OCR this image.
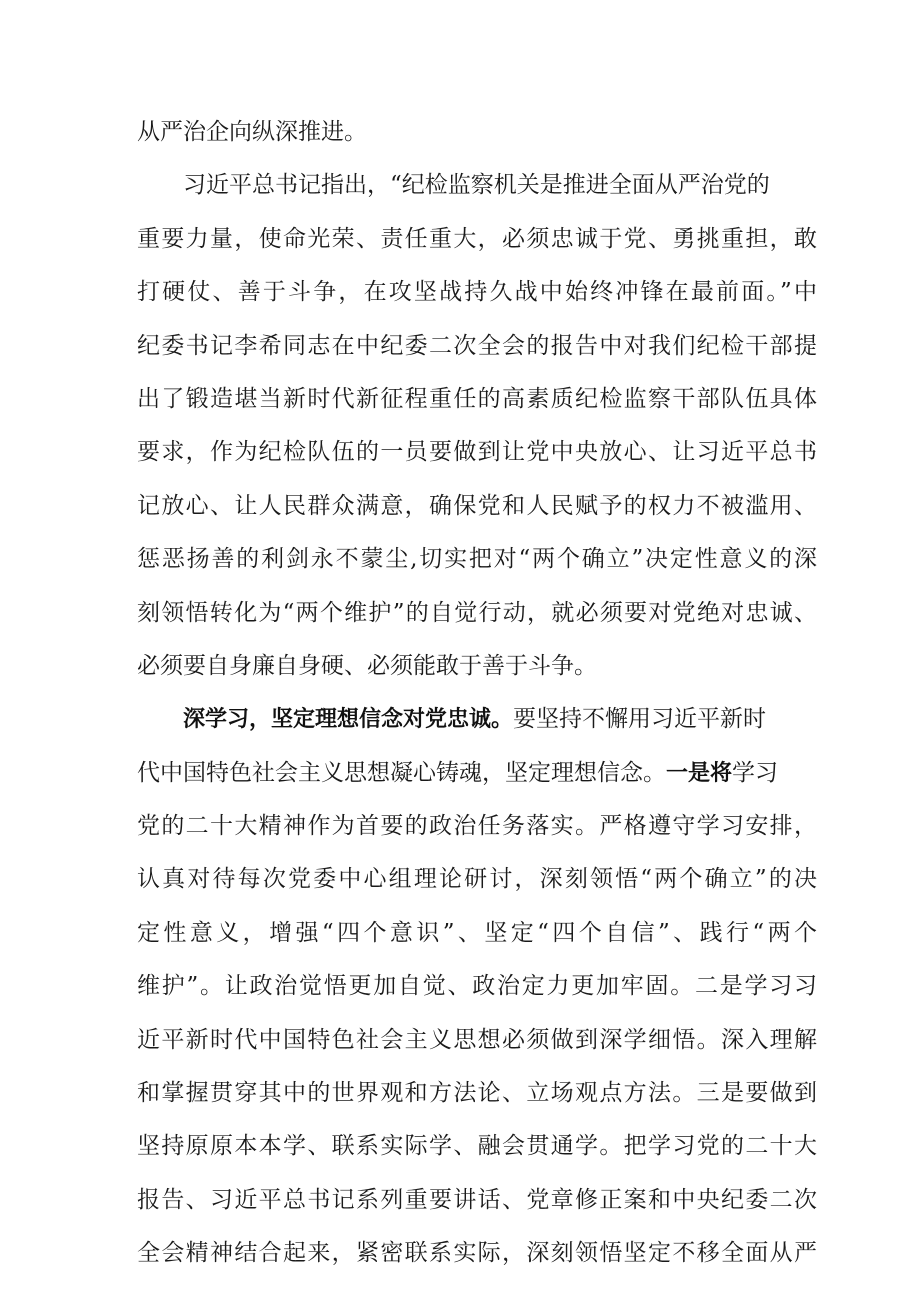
从严治企向纵深推进。
习近平总书记指出，“纪检监察机关是推进全面从严治党的
重要力量，使命光荣、责任重大，必须忠诚于党、勇挑重担，敢
打硬仗、善于斗争，在攻坚战持久战中始终冲锋在最前面。”中
纪委书记李希同志在中纪委二次全会的报告中对我们纪检干部提
出了锻造堪当新时代新征程重任的高素质纪检监察干部队伍具体
要求，作为纪检队伍的一员要做到让党中央放心、让习近平总书
记放心、让人民群众满意，确保党和人民赋予的权力不被滥用、
惩恶扬善的利剑永不蒙尘,切实把对“两个确立”决定性意义的深
刻领悟转化为“两个维护”的自觉行动，就必须要对党绝对忠诚、
必须要自身廉自身硬、必须能敢于善于斗争。
深学习，坚定理想信念对党忠诚。要坚持不懈用习近平新时
代中国特色社会主义思想凝心铸魂，坚定理想信念。一是将学习
党的二十大精神作为首要的政治任务落实。严格遵守学习安排，
认真对待每次党委中心组理论研讨，深刻领悟“两个确立”的决
定性意义，增强“四个意识”、坚定“四个自信”、践行“两个
维护”。让政治觉悟更加自觉、政治定力更加牢固。二是学习习
近平新时代中国特色社会主义思想必须做到深学细悟。深入理解
和掌握贯穿其中的世界观和方法论、立场观点方法。三是要做到
坚持原原本本学、联系实际学、融会贯通学。把学习党的二十大
报告、习近平总书记系列重要讲话、党章修正案和中央纪委二次
全会精神结合起来，紧密联系实际，深刻领悟坚定不移全面从严
